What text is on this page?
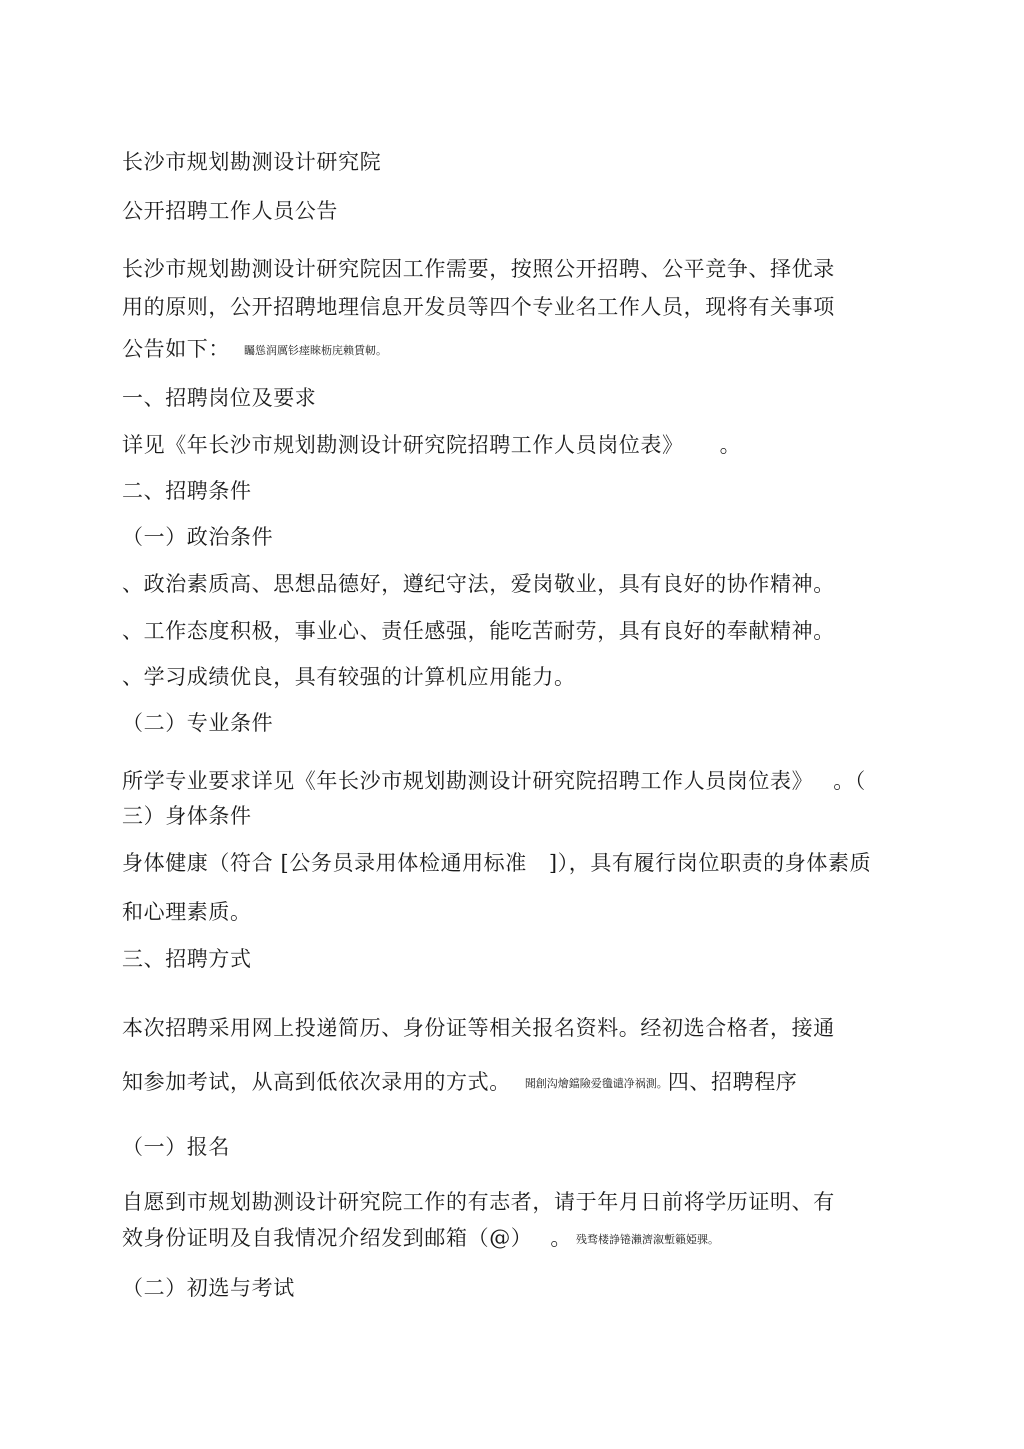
长沙市规划勘测设计研究院
公开招聘工作人员公告
长沙市规划勘测设计研究院因工作需要，按照公开招聘、公平竞争、择优录
用的原则，公开招聘地理信息开发员等四个专业名工作人员，现将有关事项
公告如下： 矚慫润厲钐瘗睞枥庑赖賃軔。
一、招聘岗位及要求
详见《年长沙市规划勘测设计研究院招聘工作人员岗位表》 。
二、招聘条件
（一）政治条件
、政治素质高、思想品德好，遵纪守法，爱岗敬业，具有良好的协作精神。
、工作态度积极，事业心、责任感强，能吃苦耐劳，具有良好的奉献精神。
、学习成绩优良，具有较强的计算机应用能力。
（二）专业条件
所学专业要求详见《年长沙市规划勘测设计研究院招聘工作人员岗位表》 。（
三）身体条件
身体健康（符合 [公务员录用体检通用标准 ]），具有履行岗位职责的身体素质
和心理素质。
三、招聘方式
本次招聘采用网上投递简历、身份证等相关报名资料。经初选合格者，接通
知参加考试，从高到低依次录用的方式。 聞創沟燴鐺險爱氇谴净祸測。四、招聘程序
（一）报名
自愿到市规划勘测设计研究院工作的有志者，请于年月日前将学历证明、有
效身份证明及自我情况介绍发到邮箱（@） 。 残骛楼諍锩瀨濟溆塹籟婭骒。
（二）初选与考试
